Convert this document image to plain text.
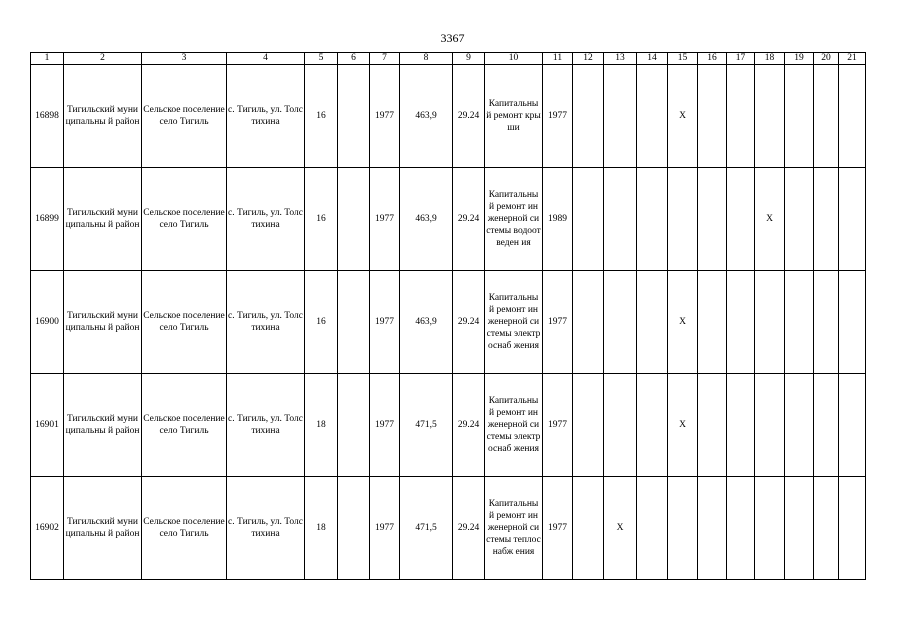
3367
1	2	3	4	5	6	7	8	9	10	11	12	13	14	15	16	17	18	19	20	21
16898	Тигильский муниципальны й район	Сельское поселение село Тигиль	с. Тигиль, ул. Толстихина	16		1977	463,9	29.24	Капитальны й ремонт крыши	1977				X						
16899	Тигильский муниципальны й район	Сельское поселение село Тигиль	с. Тигиль, ул. Толстихина	16		1977	463,9	29.24	Капитальны й ремонт инженерной системы водоотведен ия	1989							X			
16900	Тигильский муниципальны й район	Сельское поселение село Тигиль	с. Тигиль, ул. Толстихина	16		1977	463,9	29.24	Капитальны й ремонт инженерной системы электроснаб жения	1977				X						
16901	Тигильский муниципальны й район	Сельское поселение село Тигиль	с. Тигиль, ул. Толстихина	18		1977	471,5	29.24	Капитальны й ремонт инженерной системы электроснаб жения	1977				X						
16902	Тигильский муниципальны й район	Сельское поселение село Тигиль	с. Тигиль, ул. Толстихина	18		1977	471,5	29.24	Капитальны й ремонт инженерной системы теплоснабж ения	1977		X								
